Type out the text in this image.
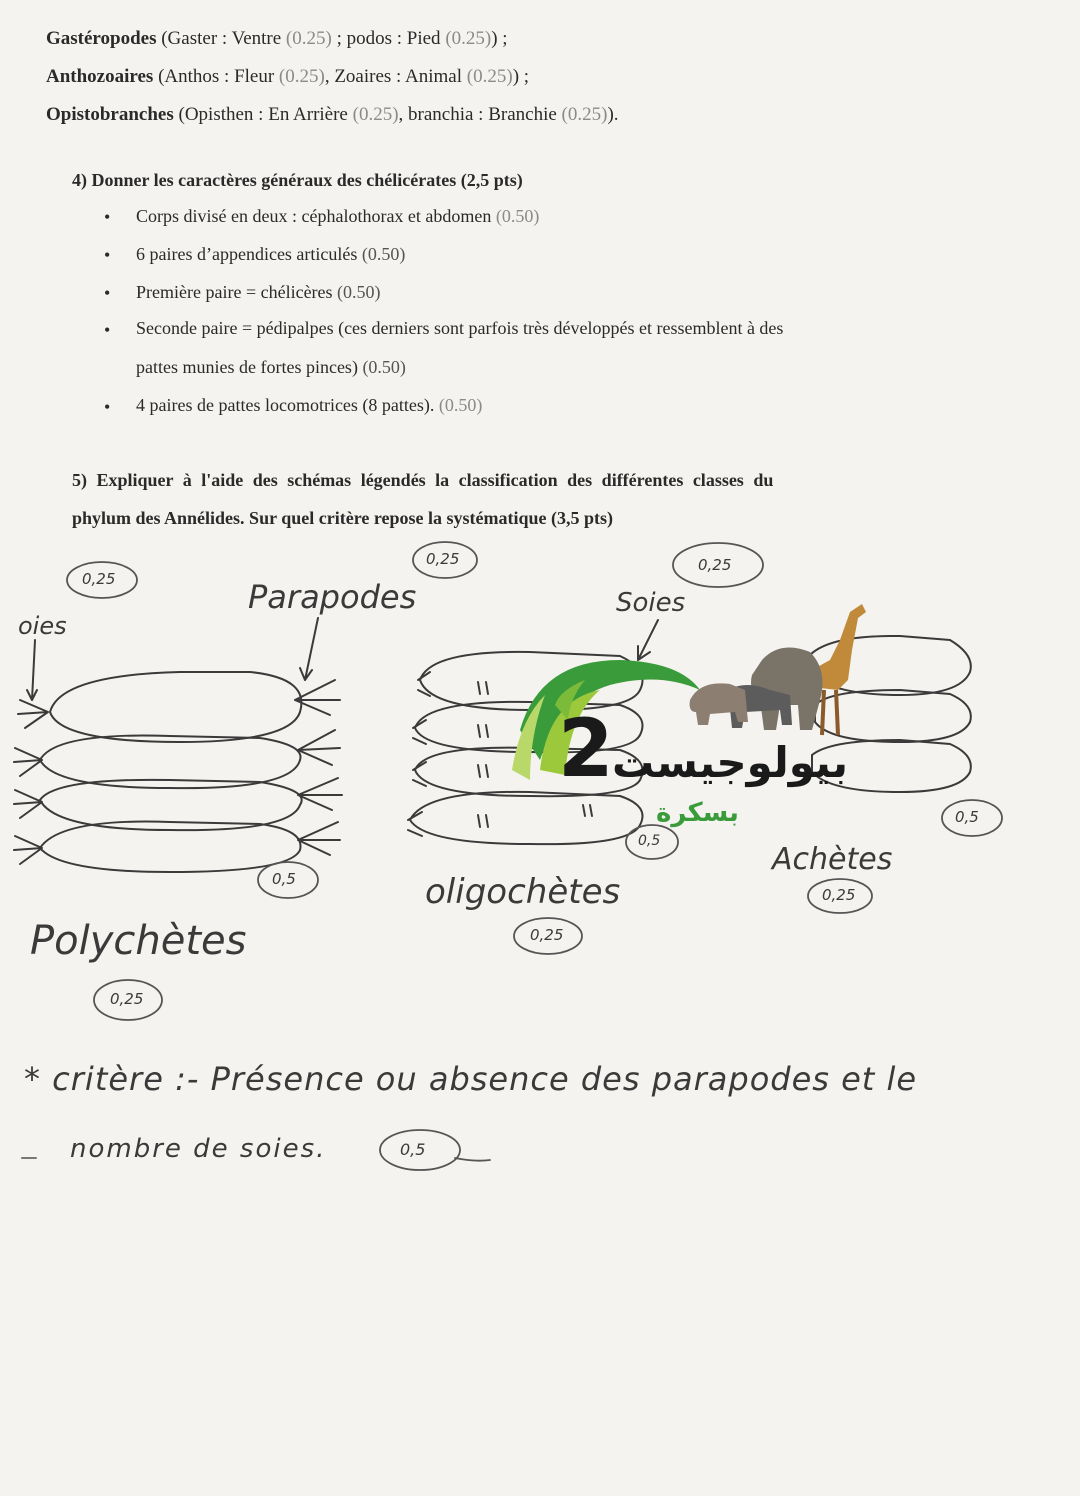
Gastéropodes (Gaster : Ventre (0.25) ; podos : Pied (0.25)) ;
Anthozoaires (Anthos : Fleur (0.25), Zoaires : Animal (0.25)) ;
Opistobranches (Opisthen : En Arrière (0.25), branchia : Branchie (0.25)).
4) Donner les caractères généraux des chélicérates (2,5 pts)
• Corps divisé en deux : céphalothorax et abdomen (0.50)
• 6 paires d’appendices articulés (0.50)
• Première paire = chélicères (0.50)
• Seconde paire = pédipalpes (ces derniers sont parfois très développés et ressemblent à des
pattes munies de fortes pinces) (0.50)
• 4 paires de pattes locomotrices (8 pattes). (0.50)
5) Expliquer à l'aide des schémas légendés la classification des différentes classes du
phylum des Annélides. Sur quel critère repose la systématique (3,5 pts)
oies
Parapodes	Soies
Polychètes
oligochètes
Achètes
0,25
0,25	0,25
0,5
0,5
0,5
0,25
0,25
0,25
0,5
* critère :- Présence ou absence des parapodes et le
nombre de soies.
2
بيولوجيست
بسكرة
